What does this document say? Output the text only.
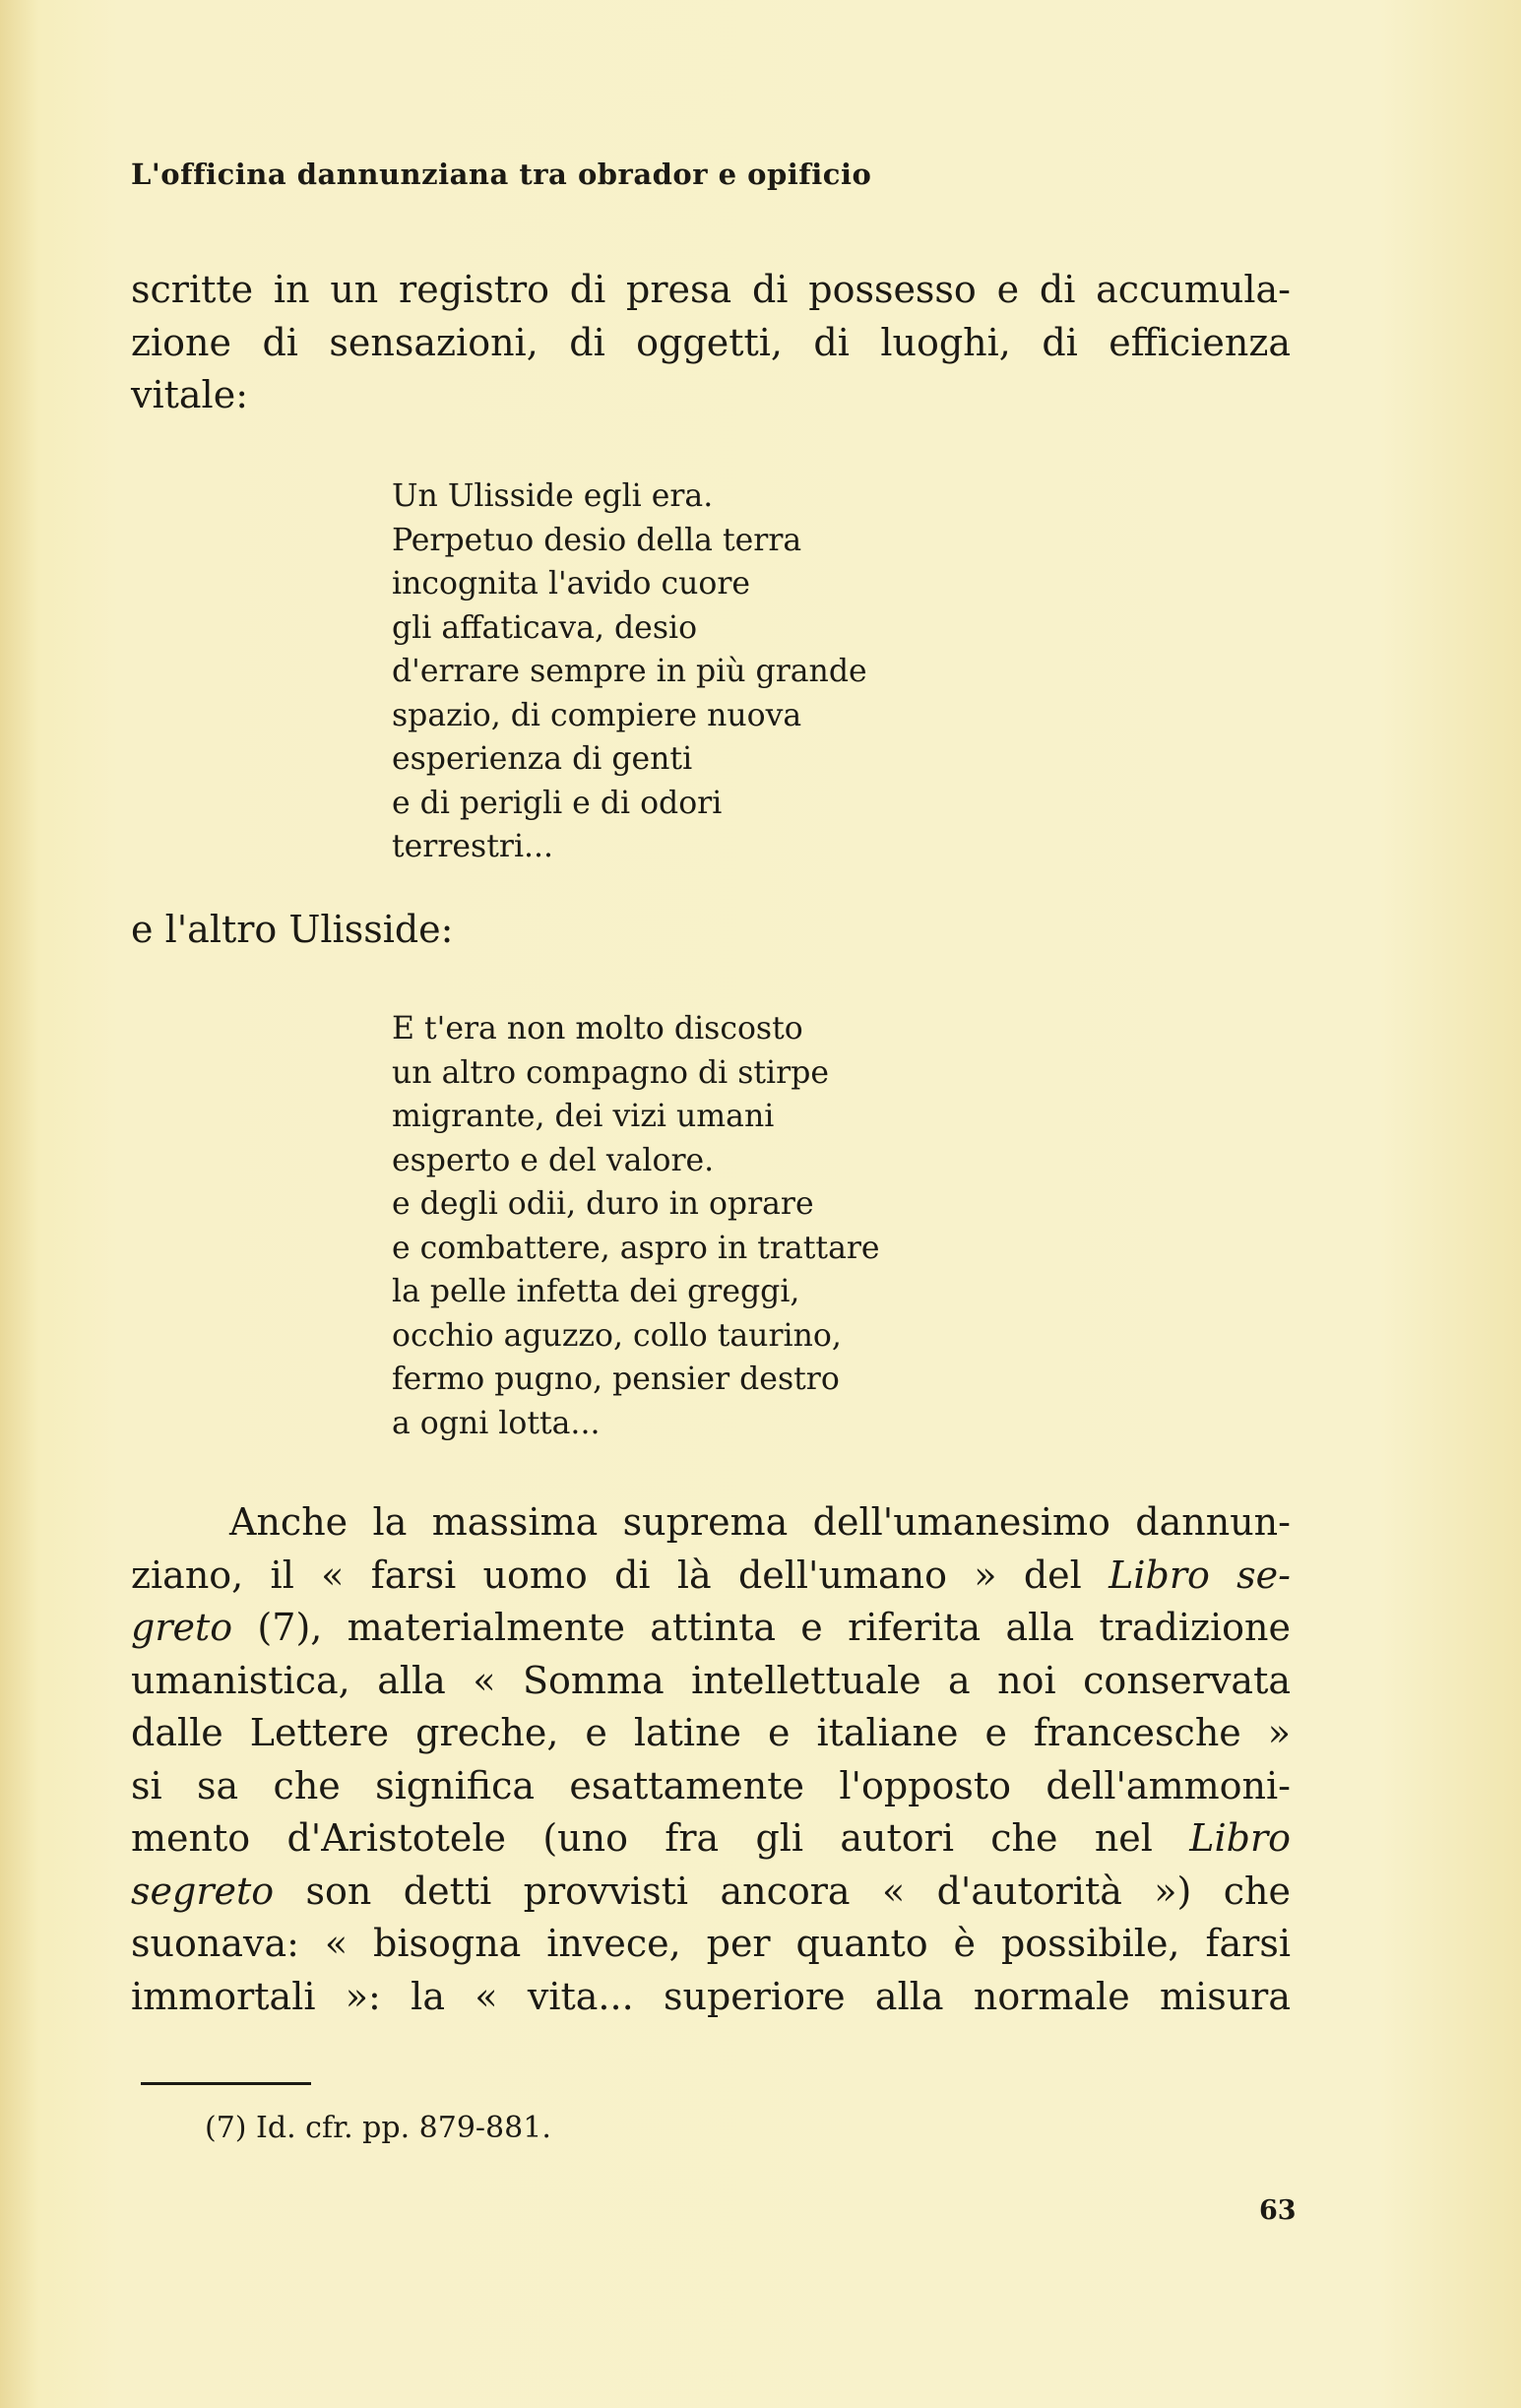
L'officina dannunziana tra obrador e opificio
scritte in un registro di presa di possesso e di accumula-
zione di sensazioni, di oggetti, di luoghi, di efficienza
vitale:
Un Ulisside egli era.
Perpetuo desio della terra
incognita l'avido cuore
gli affaticava, desio
d'errare sempre in più grande
spazio, di compiere nuova
esperienza di genti
e di perigli e di odori
terrestri...
e l'altro Ulisside:
E t'era non molto discosto
un altro compagno di stirpe
migrante, dei vizi umani
esperto e del valore.
e degli odii, duro in oprare
e combattere, aspro in trattare
la pelle infetta dei greggi,
occhio aguzzo, collo taurino,
fermo pugno, pensier destro
a ogni lotta...
Anche la massima suprema dell'umanesimo dannun-
ziano, il « farsi uomo di là dell'umano » del Libro se-
greto (7), materialmente attinta e riferita alla tradizione
umanistica, alla « Somma intellettuale a noi conservata
dalle Lettere greche, e latine e italiane e francesche »
si sa che significa esattamente l'opposto dell'ammoni-
mento d'Aristotele (uno fra gli autori che nel Libro
segreto son detti provvisti ancora « d'autorità ») che
suonava: « bisogna invece, per quanto è possibile, farsi
immortali »: la « vita... superiore alla normale misura
(7) Id. cfr. pp. 879-881.
63
